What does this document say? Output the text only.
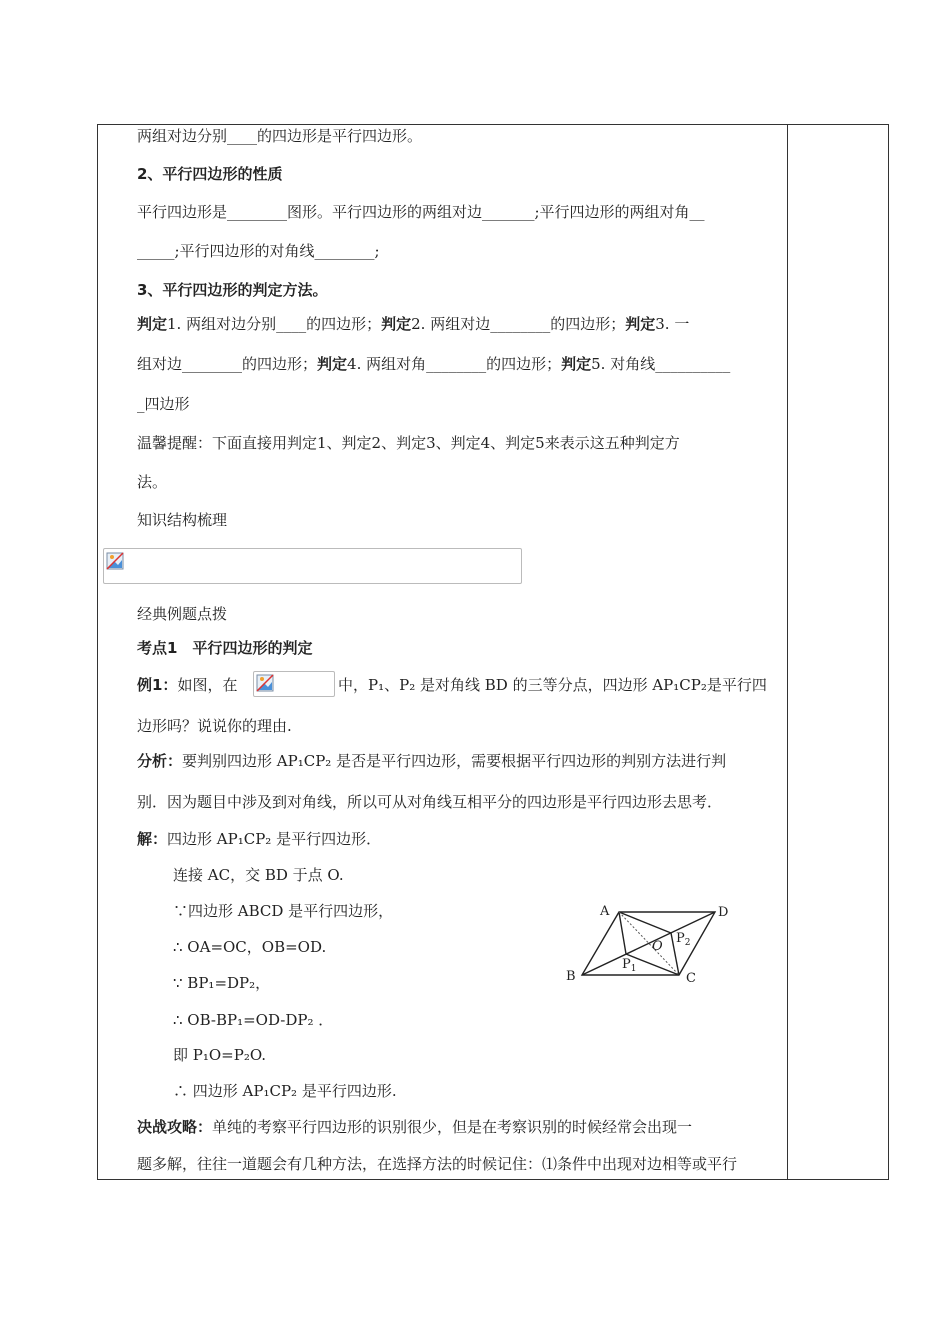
两组对边分别____的四边形是平行四边形。
2、平行四边形的性质
平行四边形是________图形。平行四边形的两组对边_______;平行四边形的两组对角__
_____;平行四边形的对角线________;
3、平行四边形的判定方法。
判定1. 两组对边分别____的四边形；判定2. 两组对边________的四边形；判定3. 一
组对边________的四边形；判定4. 两组对角________的四边形；判定5. 对角线__________
_四边形
温馨提醒：下面直接用判定1、判定2、判定3、判定4、判定5来表示这五种判定方
法。
知识结构梳理
经典例题点拨
考点1　平行四边形的判定
例1：如图，在	中，P₁、P₂ 是对角线 BD 的三等分点，四边形 AP₁CP₂是平行四
边形吗？说说你的理由.
分析：要判别四边形 AP₁CP₂ 是否是平行四边形，需要根据平行四边形的判别方法进行判
别．因为题目中涉及到对角线，所以可从对角线互相平分的四边形是平行四边形去思考．
解：四边形 AP₁CP₂ 是平行四边形．
连接 AC，交 BD 于点 O.
∵四边形 ABCD 是平行四边形，
∴ OA=OC，OB=OD.
∵ BP₁=DP₂，
∴ OB-BP₁=OD-DP₂ ．
即 P₁O=P₂O.
∴ 四边形 AP₁CP₂ 是平行四边形.
决战攻略：单纯的考察平行四边形的识别很少，但是在考察识别的时候经常会出现一
题多解，往往一道题会有几种方法，在选择方法的时候记住：⑴条件中出现对边相等或平行
A	D
B	C
O
$P_1$
$P_2$
